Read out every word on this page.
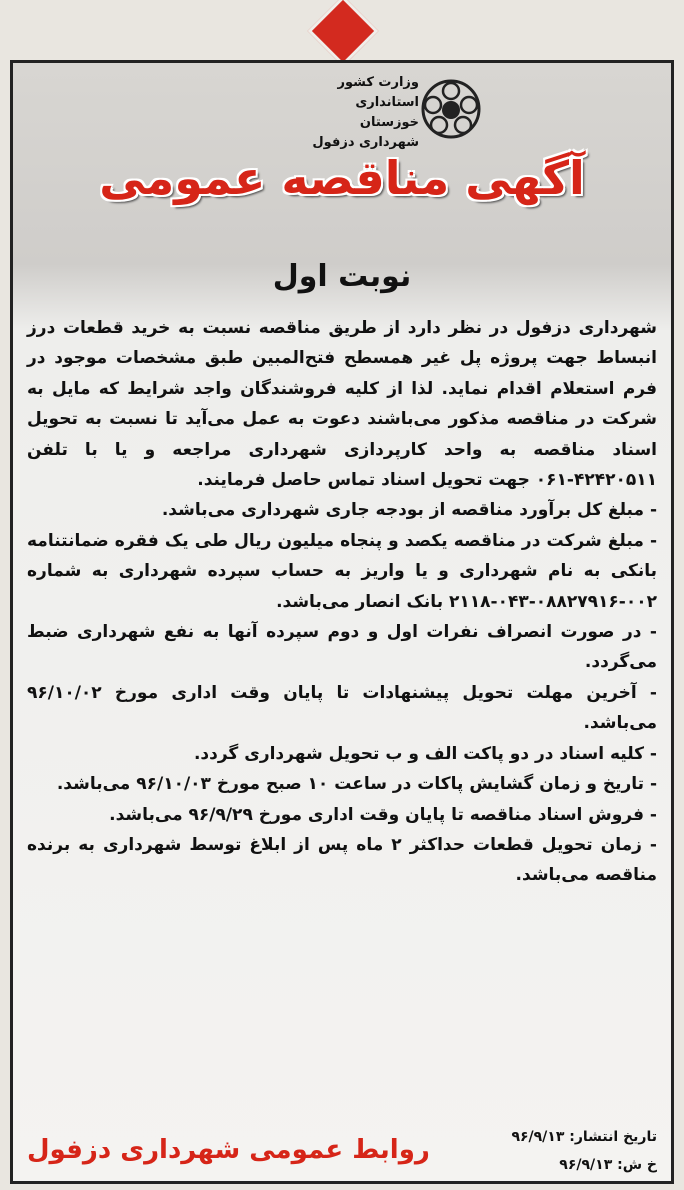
وزارت کشور
استانداری خوزستان
شهرداری دزفول
آگهی مناقصه عمومی
نوبت اول

شهرداری دزفول در نظر دارد از طریق مناقصه نسبت به خرید قطعات درز انبساط جهت پروژه پل غیر همسطح فتح‌المبین طبق مشخصات موجود در فرم استعلام اقدام نماید. لذا از کلیه فروشندگان واجد شرایط که مایل به شرکت در مناقصه مذکور می‌باشند دعوت به عمل می‌آید تا نسبت به تحویل اسناد مناقصه به واحد کارپردازی شهرداری مراجعه و یا با تلفن ۴۲۴۲۰۵۱۱-۰۶۱ جهت تحویل اسناد تماس حاصل فرمایند.

- مبلغ کل برآورد مناقصه از بودجه جاری شهرداری می‌باشد.

- مبلغ شرکت در مناقصه یکصد و پنجاه میلیون ریال طی یک فقره ضمانتنامه بانکی به نام شهرداری و یا واریز به حساب سپرده شهرداری به شماره ۰۰۲-۰۸۸۲۷۹۱۶-۰۴۳-۲۱۱۸ بانک انصار می‌باشد.

- در صورت انصراف نفرات اول و دوم سپرده آنها به نفع شهرداری ضبط می‌گردد.

- آخرین مهلت تحویل پیشنهادات تا پایان وقت اداری مورخ ۹۶/۱۰/۰۲ می‌باشد.

- کلیه اسناد در دو پاکت الف و ب تحویل شهرداری گردد.

- تاریخ و زمان گشایش پاکات در ساعت ۱۰ صبح مورخ ۹۶/۱۰/۰۳ می‌باشد.

- فروش اسناد مناقصه تا پایان وقت اداری مورخ ۹۶/۹/۲۹ می‌باشد.

- زمان تحویل قطعات حداکثر ۲ ماه پس از ابلاغ توسط شهرداری به برنده مناقصه می‌باشد.

تاریخ انتشار: ۹۶/۹/۱۳
خ ش: ۹۶/۹/۱۳
روابط عمومی شهرداری دزفول
